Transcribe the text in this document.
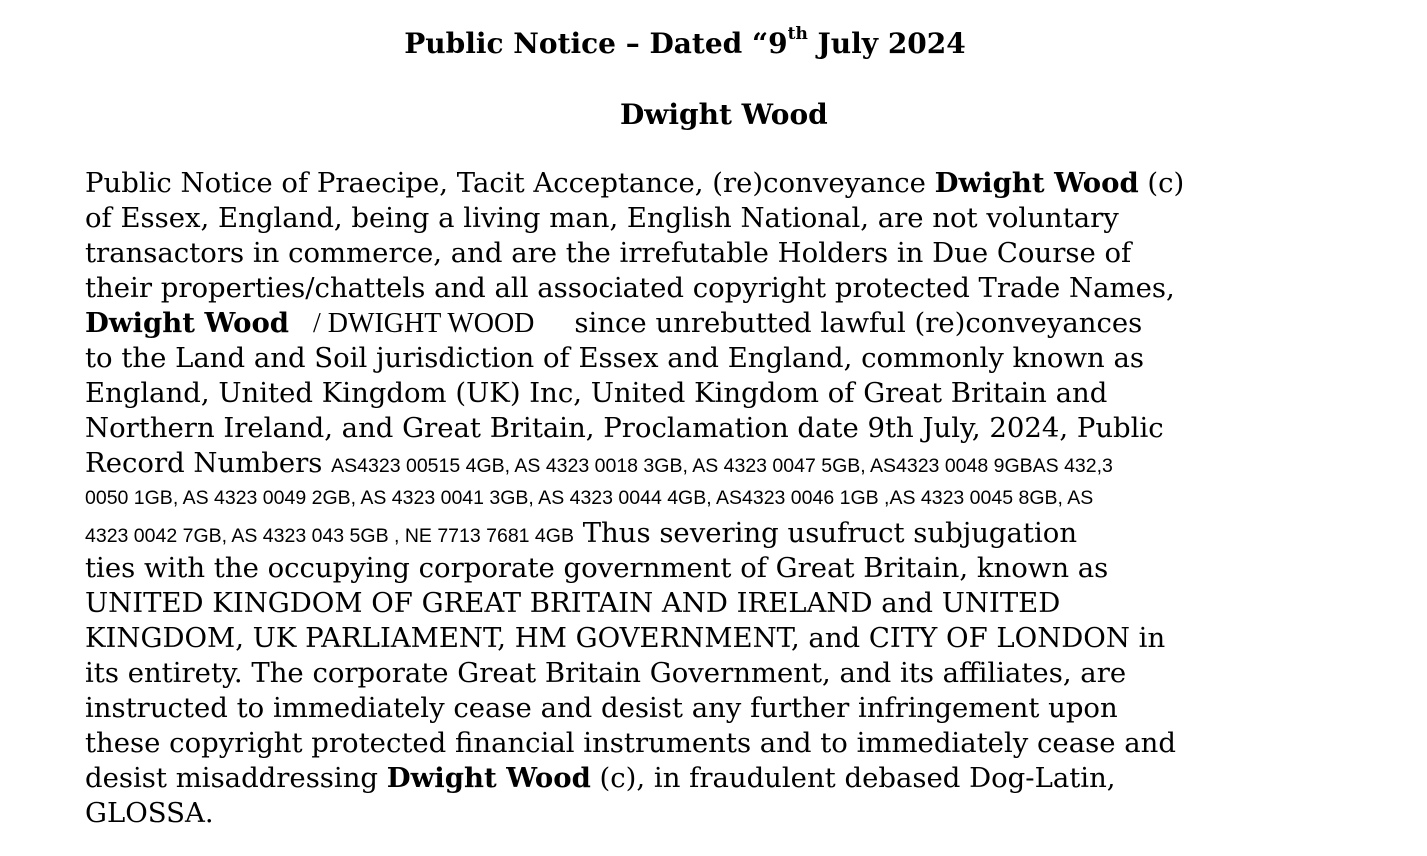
Public Notice – Dated “9th July 2024
Dwight Wood
Public Notice of Praecipe, Tacit Acceptance, (re)conveyance Dwight Wood (c)
of Essex, England, being a living man, English National, are not voluntary
transactors in commerce, and are the irrefutable Holders in Due Course of
their properties/chattels and all associated copyright protected Trade Names,
Dwight Wood / DWIGHT WOOD since unrebutted lawful (re)conveyances
to the Land and Soil jurisdiction of Essex and England, commonly known as
England, United Kingdom (UK) Inc, United Kingdom of Great Britain and
Northern Ireland, and Great Britain, Proclamation date 9th July, 2024, Public
Record Numbers AS4323 00515 4GB, AS 4323 0018 3GB, AS 4323 0047 5GB, AS4323 0048 9GBAS 432,3
0050 1GB, AS 4323 0049 2GB, AS 4323 0041 3GB, AS 4323 0044 4GB, AS4323 0046 1GB ,AS 4323 0045 8GB, AS
4323 0042 7GB, AS 4323 043 5GB , NE 7713 7681 4GB Thus severing usufruct subjugation
ties with the occupying corporate government of Great Britain, known as
UNITED KINGDOM OF GREAT BRITAIN AND IRELAND and UNITED
KINGDOM, UK PARLIAMENT, HM GOVERNMENT, and CITY OF LONDON in
its entirety. The corporate Great Britain Government, and its affiliates, are
instructed to immediately cease and desist any further infringement upon
these copyright protected financial instruments and to immediately cease and
desist misaddressing Dwight Wood (c), in fraudulent debased Dog-Latin,
GLOSSA.
